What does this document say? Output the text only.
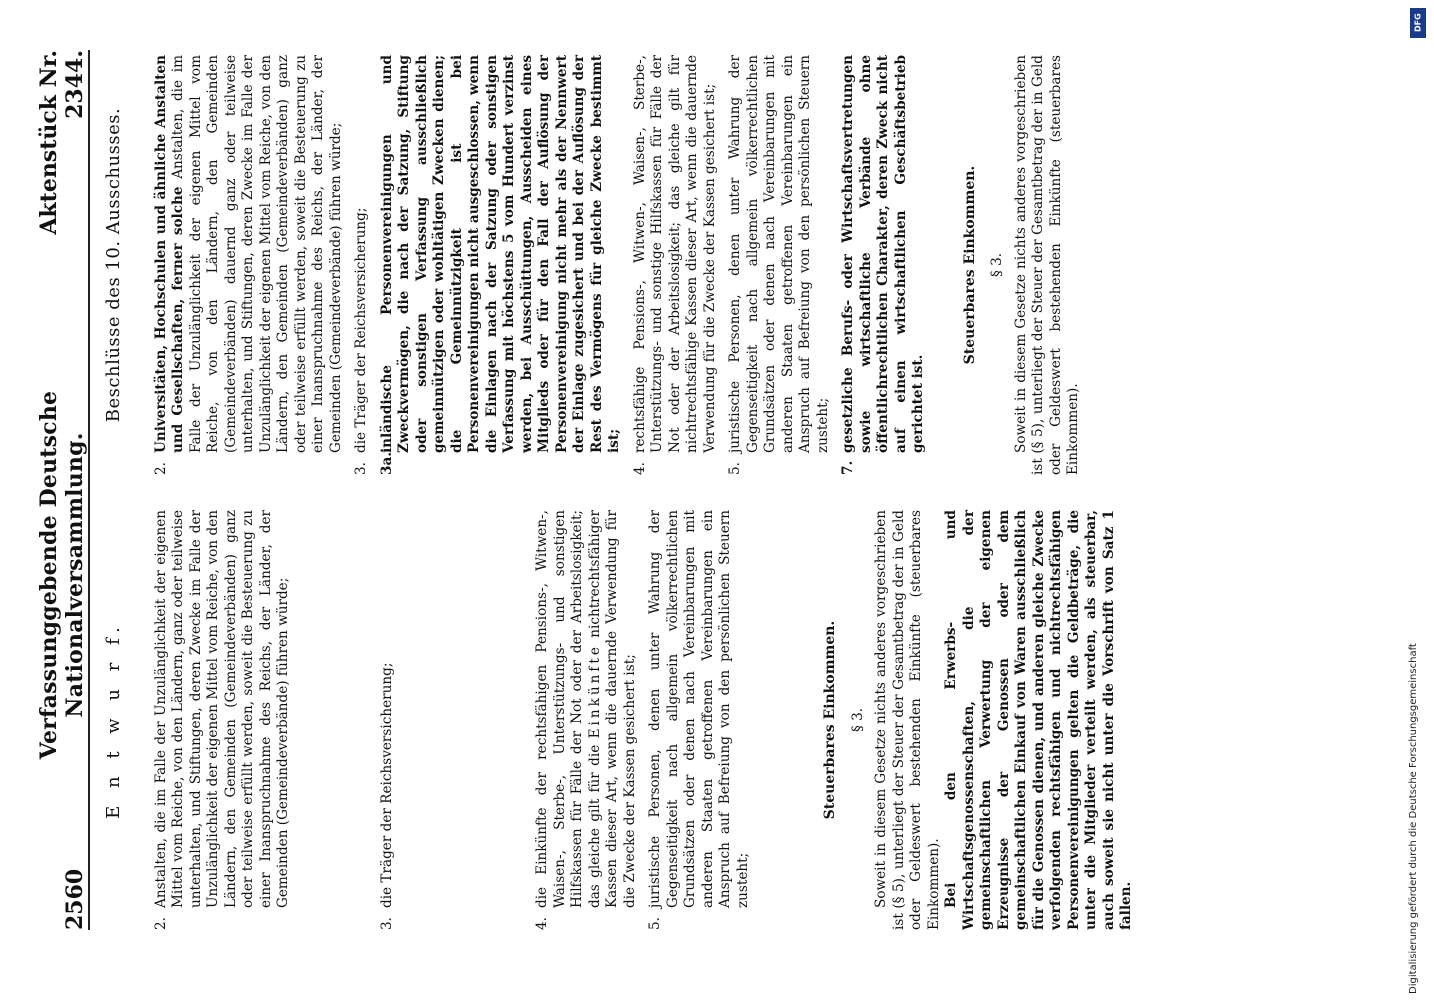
2560
Verfassunggebende Deutsche Nationalversammlung.
Aktenstück Nr. 2344.
E n t w u r f.
2.
Anstalten, die im Falle der Unzulänglichkeit der eigenen Mittel vom Reiche, von den Ländern, ganz oder teilweise unterhalten, und Stiftungen, deren Zwecke im Falle der Unzulänglichkeit der eigenen Mittel vom Reiche, von den Ländern, den Gemeinden (Gemeindeverbänden) ganz oder teilweise erfüllt werden, soweit die Besteuerung zu einer Inanspruchnahme des Reichs, der Länder, der Gemeinden (Gemeindeverbände) führen würde;
3.
die Träger der Reichsversicherung;
4.
die Einkünfte der rechtsfähigen Pensions-, Witwen-, Waisen-, Sterbe-, Unterstützungs- und sonstigen Hilfskassen für Fälle der Not oder der Arbeitslosigkeit; das gleiche gilt für die Einkünfte nichtrechtsfähiger Kassen dieser Art, wenn die dauernde Verwendung für die Zwecke der Kassen gesichert ist;
5.
juristische Personen, denen unter Wahrung der Gegenseitigkeit nach allgemein völkerrechtlichen Grundsätzen oder denen nach Vereinbarungen mit anderen Staaten getroffenen Vereinbarungen ein Anspruch auf Befreiung von den persönlichen Steuern zusteht;
Steuerbares Einkommen. § 3. Soweit in diesem Gesetze nichts anderes vorgeschrieben ist (§ 5), unterliegt der Steuer der Gesamtbetrag der in Geld oder Geldeswert bestehenden Einkünfte (steuerbares Einkommen). Bei den Erwerbs- und Wirtschaftsgenossenschaften, die der gemeinschaftlichen Verwertung der eigenen Erzeugnisse der Genossen oder dem gemeinschaftlichen Einkauf von Waren ausschließlich für die Genossen dienen, und anderen gleiche Zwecke verfolgenden rechtsfähigen und nichtrechtsfähigen Personenvereinigungen gelten die Geldbeträge, die unter die Mitglieder verteilt werden, als steuerbar, auch soweit sie nicht unter die Vorschrift von Satz 1 fallen.
Beschlüsse des 10. Ausschusses.
2.
Universitäten, Hochschulen und ähnliche Anstalten und Gesellschaften, ferner solche Anstalten, die im Falle der Unzulänglichkeit der eigenen Mittel vom Reiche, von den Ländern, den Gemeinden (Gemeindeverbänden) dauernd ganz oder teilweise unterhalten, und Stiftungen, deren Zwecke im Falle der Unzulänglichkeit der eigenen Mittel vom Reiche, von den Ländern, den Gemeinden (Gemeindeverbänden) ganz oder teilweise erfüllt werden, soweit die Besteuerung zu einer Inanspruchnahme des Reichs, der Länder, der Gemeinden (Gemeindeverbände) führen würde;
3.
die Träger der Reichsversicherung;
3a.
inländische Personenvereinigungen und Zweckvermögen, die nach der Satzung, Stiftung oder sonstigen Verfassung ausschließlich gemeinnützigen oder wohltätigen Zwecken dienen; die Gemeinnützigkeit ist bei Personenvereinigungen nicht ausgeschlossen, wenn die Einlagen nach der Satzung oder sonstigen Verfassung mit höchstens 5 vom Hundert verzinst werden, bei Ausschüttungen, Ausscheiden eines Mitglieds oder für den Fall der Auflösung der Personenvereinigung nicht mehr als der Nennwert der Einlage zugesichert und bei der Auflösung der Rest des Vermögens für gleiche Zwecke bestimmt ist;
4.
rechtsfähige Pensions-, Witwen-, Waisen-, Sterbe-, Unterstützungs- und sonstige Hilfskassen für Fälle der Not oder der Arbeitslosigkeit; das gleiche gilt für nichtrechtsfähige Kassen dieser Art, wenn die dauernde Verwendung für die Zwecke der Kassen gesichert ist;
5.
juristische Personen, denen unter Wahrung der Gegenseitigkeit nach allgemein völkerrechtlichen Grundsätzen oder denen nach Vereinbarungen mit anderen Staaten getroffenen Vereinbarungen ein Anspruch auf Befreiung von den persönlichen Steuern zusteht;
7.
gesetzliche Berufs- oder Wirtschaftsvertretungen sowie wirtschaftliche Verbände ohne öffentlichrechtlichen Charakter, deren Zweck nicht auf einen wirtschaftlichen Geschäftsbetrieb gerichtet ist.
Steuerbares Einkommen. § 3. Soweit in diesem Gesetze nichts anderes vorgeschrieben ist (§ 5), unterliegt der Steuer der Gesamtbetrag der in Geld oder Geldeswert bestehenden Einkünfte (steuerbares Einkommen).
DFG
Digitalisierung gefördert durch die Deutsche Forschungsgemeinschaft
